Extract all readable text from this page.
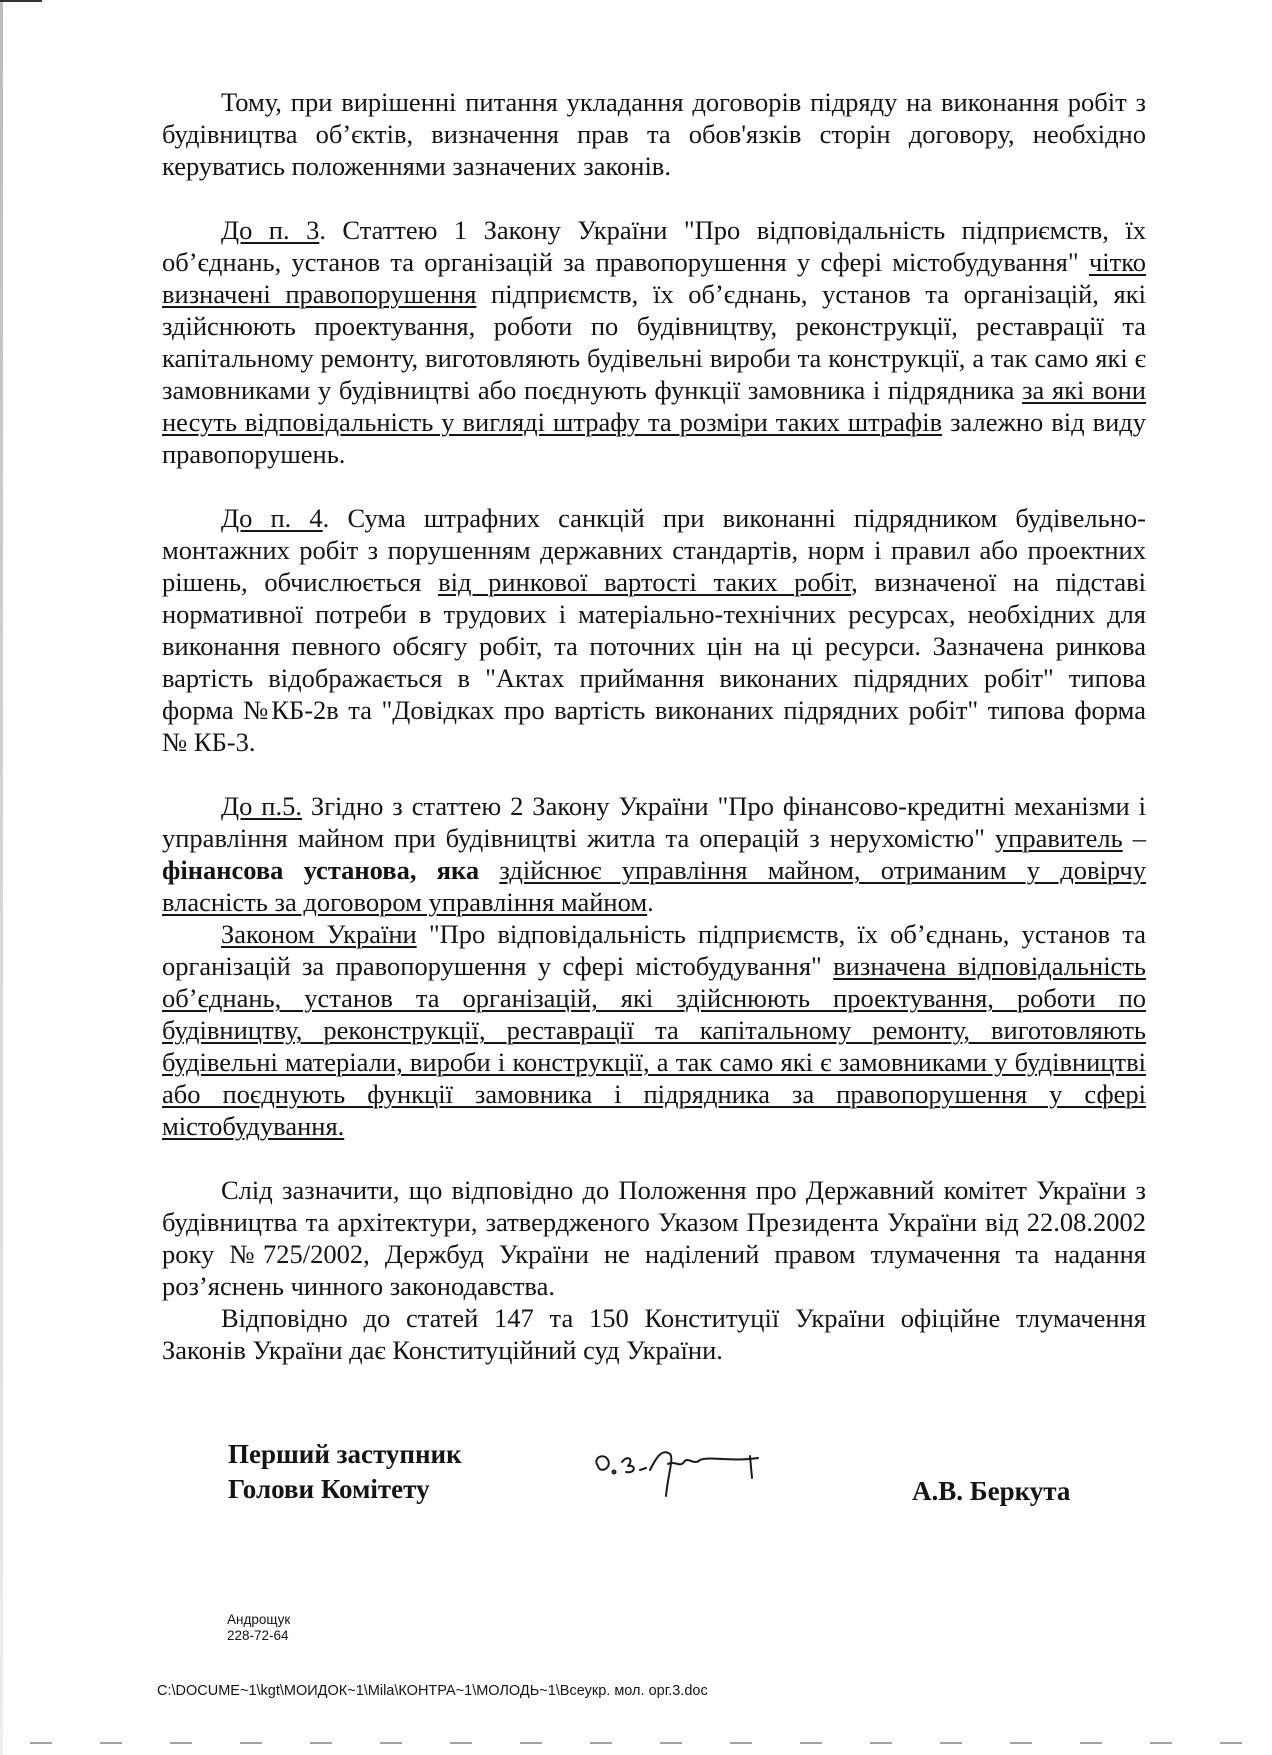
Тому, при вирішенні питання укладання договорів підряду на виконання робіт з будівництва об’єктів, визначення прав та обов'язків сторін договору, необхідно керуватись положеннями зазначених законів.

До п. 3. Статтею 1 Закону України "Про відповідальність підприємств, їх об’єднань, установ та організацій за правопорушення у сфері містобудування" чітко визначені правопорушення підприємств, їх об’єднань, установ та організацій, які здійснюють проектування, роботи по будівництву, реконструкції, реставрації та капітальному ремонту, виготовляють будівельні вироби та конструкції, а так само які є замовниками у будівництві або поєднують функції замовника і підрядника за які вони несуть відповідальність у вигляді штрафу та розміри таких штрафів залежно від виду правопорушень.

До п. 4. Сума штрафних санкцій при виконанні підрядником будівельно-монтажних робіт з порушенням державних стандартів, норм і правил або проектних рішень, обчислюється від ринкової вартості таких робіт, визначеної на підставі нормативної потреби в трудових і матеріально-технічних ресурсах, необхідних для виконання певного обсягу робіт, та поточних цін на ці ресурси. Зазначена ринкова вартість відображається в "Актах приймання виконаних підрядних робіт" типова форма №КБ-2в та "Довідках про вартість виконаних підрядних робіт" типова форма № КБ-3.

До п.5. Згідно з статтею 2 Закону України "Про фінансово-кредитні механізми і управління майном при будівництві житла та операцій з нерухомістю" управитель – фінансова установа, яка здійснює управління майном, отриманим у довірчу власність за договором управління майном.

Законом України "Про відповідальність підприємств, їх об’єднань, установ та організацій за правопорушення у сфері містобудування" визначена відповідальність об’єднань, установ та організацій, які здійснюють проектування, роботи по будівництву, реконструкції, реставрації та капітальному ремонту, виготовляють будівельні матеріали, вироби і конструкції, а так само які є замовниками у будівництві або поєднують функції замовника і підрядника за правопорушення у сфері містобудування.

Слід зазначити, що відповідно до Положення про Державний комітет України з будівництва та архітектури, затвердженого Указом Президента України від 22.08.2002 року №725/2002, Держбуд України не наділений правом тлумачення та надання роз’яснень чинного законодавства.

Відповідно до статей 147 та 150 Конституції України офіційне тлумачення Законів України дає Конституційний суд України.

Перший заступник
Голови Комітету	А.В. Беркута
Андрощук
228-72-64
C:\DOCUME~1\kgt\МОИДОК~1\Mila\КОНТРА~1\МОЛОДЬ~1\Всеукр. мол. орг.3.doc
